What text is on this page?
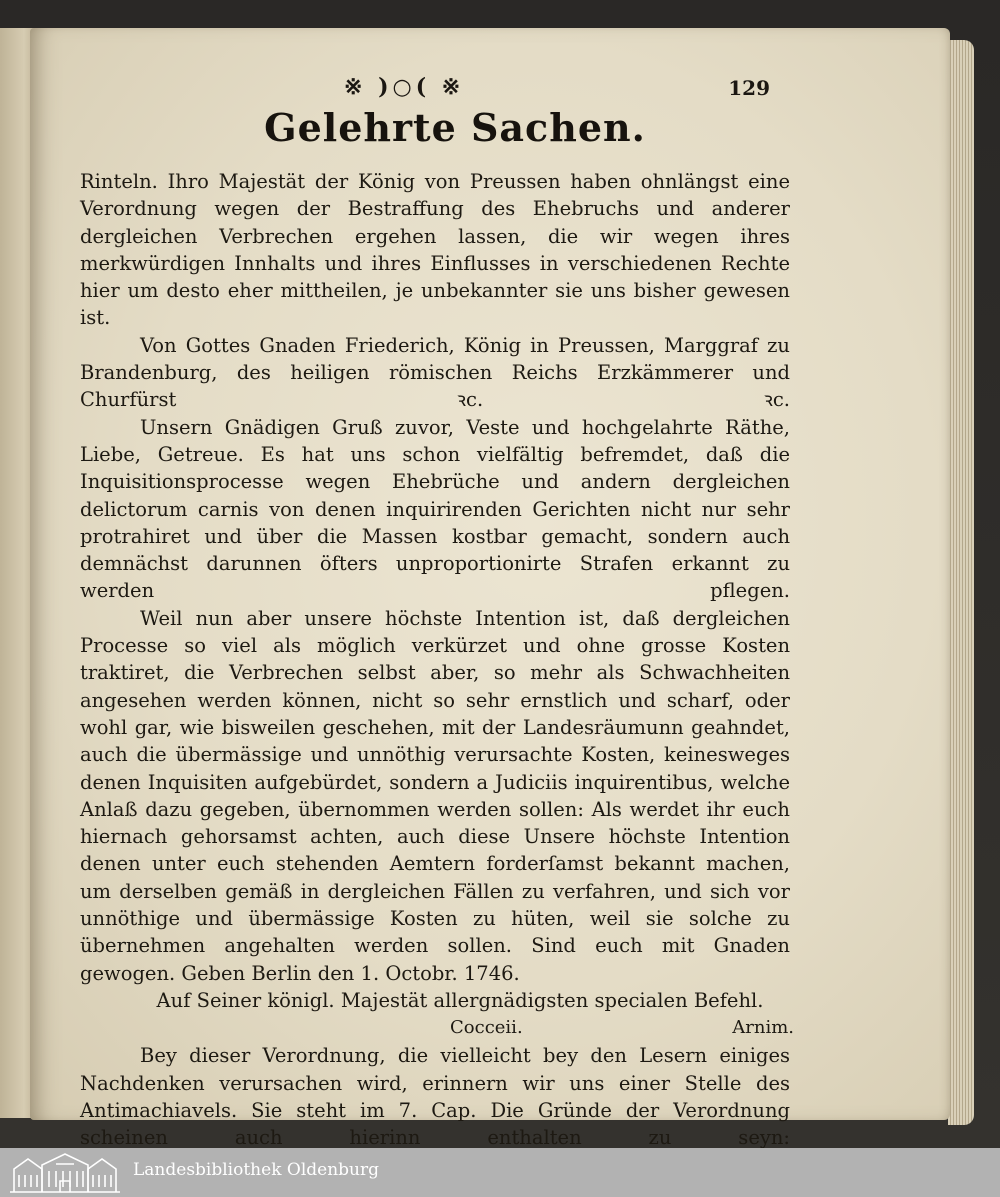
※ )○( ※	129
Gelehrte Sachen.

Rinteln. Ihro Majestät der König von Preussen haben ohnlängst eine Verordnung wegen der Bestraffung des Ehebruchs und anderer dergleichen Verbrechen ergehen lassen, die wir wegen ihres merkwürdigen Innhalts und ihres Einflusses in verschiedenen Rechte hier um desto eher mittheilen, je unbekannter sie uns bisher gewesen ist.

Von Gottes Gnaden Friederich, König in Preussen, Marggraf zu Brandenburg, des heiligen römischen Reichs Erzkämmerer und Churfürst ꝛc. ꝛc.

Unsern Gnädigen Gruß zuvor, Veste und hochgelahrte Räthe, Liebe, Getreue. Es hat uns schon vielfältig befremdet, daß die Inquisitionsprocesse wegen Ehebrüche und andern dergleichen delictorum carnis von denen inquirirenden Gerichten nicht nur sehr protrahiret und über die Massen kostbar gemacht, sondern auch demnächst darunnen öfters unproportionirte Strafen erkannt zu werden pflegen.

Weil nun aber unsere höchste Intention ist, daß dergleichen Processe so viel als möglich verkürzet und ohne grosse Kosten traktiret, die Verbrechen selbst aber, so mehr als Schwachheiten angesehen werden können, nicht so sehr ernstlich und scharf, oder wohl gar, wie bisweilen geschehen, mit der Landesräumunn geahndet, auch die übermässige und unnöthig verursachte Kosten, keinesweges denen Inquisiten aufgebürdet, sondern a Judiciis inquirentibus, welche Anlaß dazu gegeben, übernommen werden sollen: Als werdet ihr euch hiernach gehorsamst achten, auch diese Unsere höchste Intention denen unter euch stehenden Aemtern forderſamst bekannt machen, um derselben gemäß in dergleichen Fällen zu verfahren, und sich vor unnöthige und übermässige Kosten zu hüten, weil sie solche zu übernehmen angehalten werden sollen. Sind euch mit Gnaden gewogen. Geben Berlin den 1. Octobr. 1746.

Auf Seiner königl. Majestät allergnädigsten specialen Befehl.

Cocceii.	Arnim.

Bey dieser Verordnung, die vielleicht bey den Lesern einiges Nachdenken verursachen wird, erinnern wir uns einer Stelle des Antimachiavels. Sie steht im 7. Cap. Die Gründe der Verordnung scheinen auch hierinn enthalten zu seyn:

Landesbibliothek Oldenburg
